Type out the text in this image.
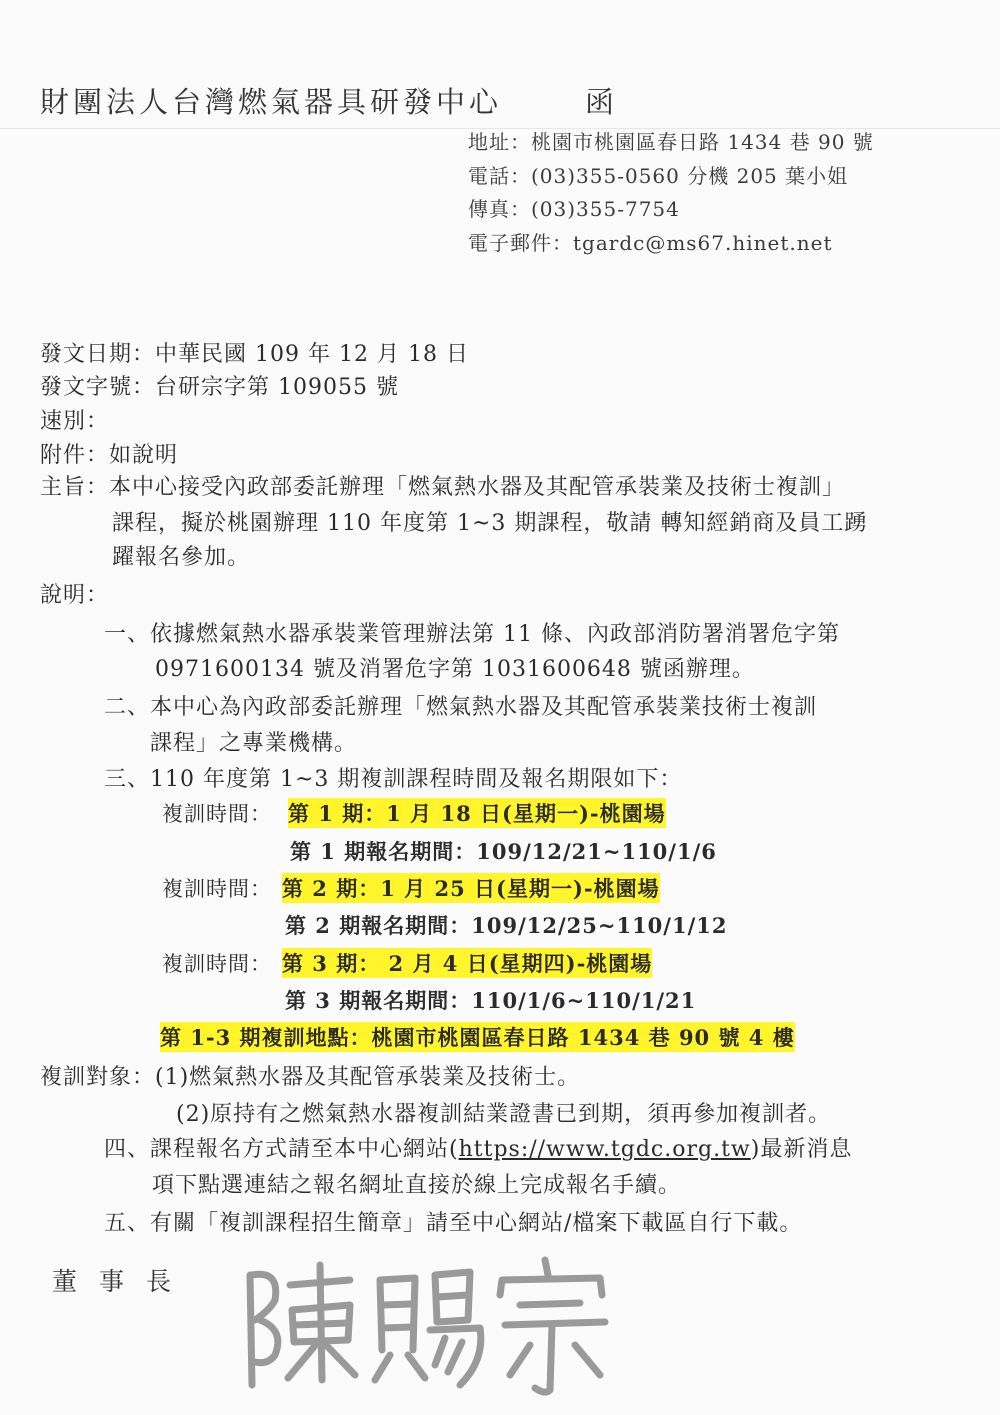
財團法人台灣燃氣器具研發中心	函
地址：桃園市桃園區春日路 1434 巷 90 號
電話：(03)355-0560 分機 205 葉小姐
傳真：(03)355-7754
電子郵件：tgardc@ms67.hinet.net
發文日期：中華民國 109 年 12 月 18 日
發文字號：台研宗字第 109055 號
速別：
附件：如說明
主旨：本中心接受內政部委託辦理「燃氣熱水器及其配管承裝業及技術士複訓」
課程，擬於桃園辦理 110 年度第 1~3 期課程，敬請 轉知經銷商及員工踴
躍報名參加。
說明：
一、依據燃氣熱水器承裝業管理辦法第 11 條、內政部消防署消署危字第
0971600134 號及消署危字第 1031600648 號函辦理。
二、本中心為內政部委託辦理「燃氣熱水器及其配管承裝業技術士複訓
課程」之專業機構。
三、110 年度第 1~3 期複訓課程時間及報名期限如下：
複訓時間： 第 1 期：1 月 18 日(星期一)-桃園場
第 1 期報名期間：109/12/21~110/1/6
複訓時間： 第 2 期：1 月 25 日(星期一)-桃園場
第 2 期報名期間：109/12/25~110/1/12
複訓時間： 第 3 期： 2 月 4 日(星期四)-桃園場
第 3 期報名期間：110/1/6~110/1/21
第 1-3 期複訓地點：桃園市桃園區春日路 1434 巷 90 號 4 樓
複訓對象：(1)燃氣熱水器及其配管承裝業及技術士。
(2)原持有之燃氣熱水器複訓結業證書已到期，須再參加複訓者。
四、課程報名方式請至本中心網站(https://www.tgdc.org.tw)最新消息
項下點選連結之報名網址直接於線上完成報名手續。
五、有關「複訓課程招生簡章」請至中心網站/檔案下載區自行下載。
董事長
